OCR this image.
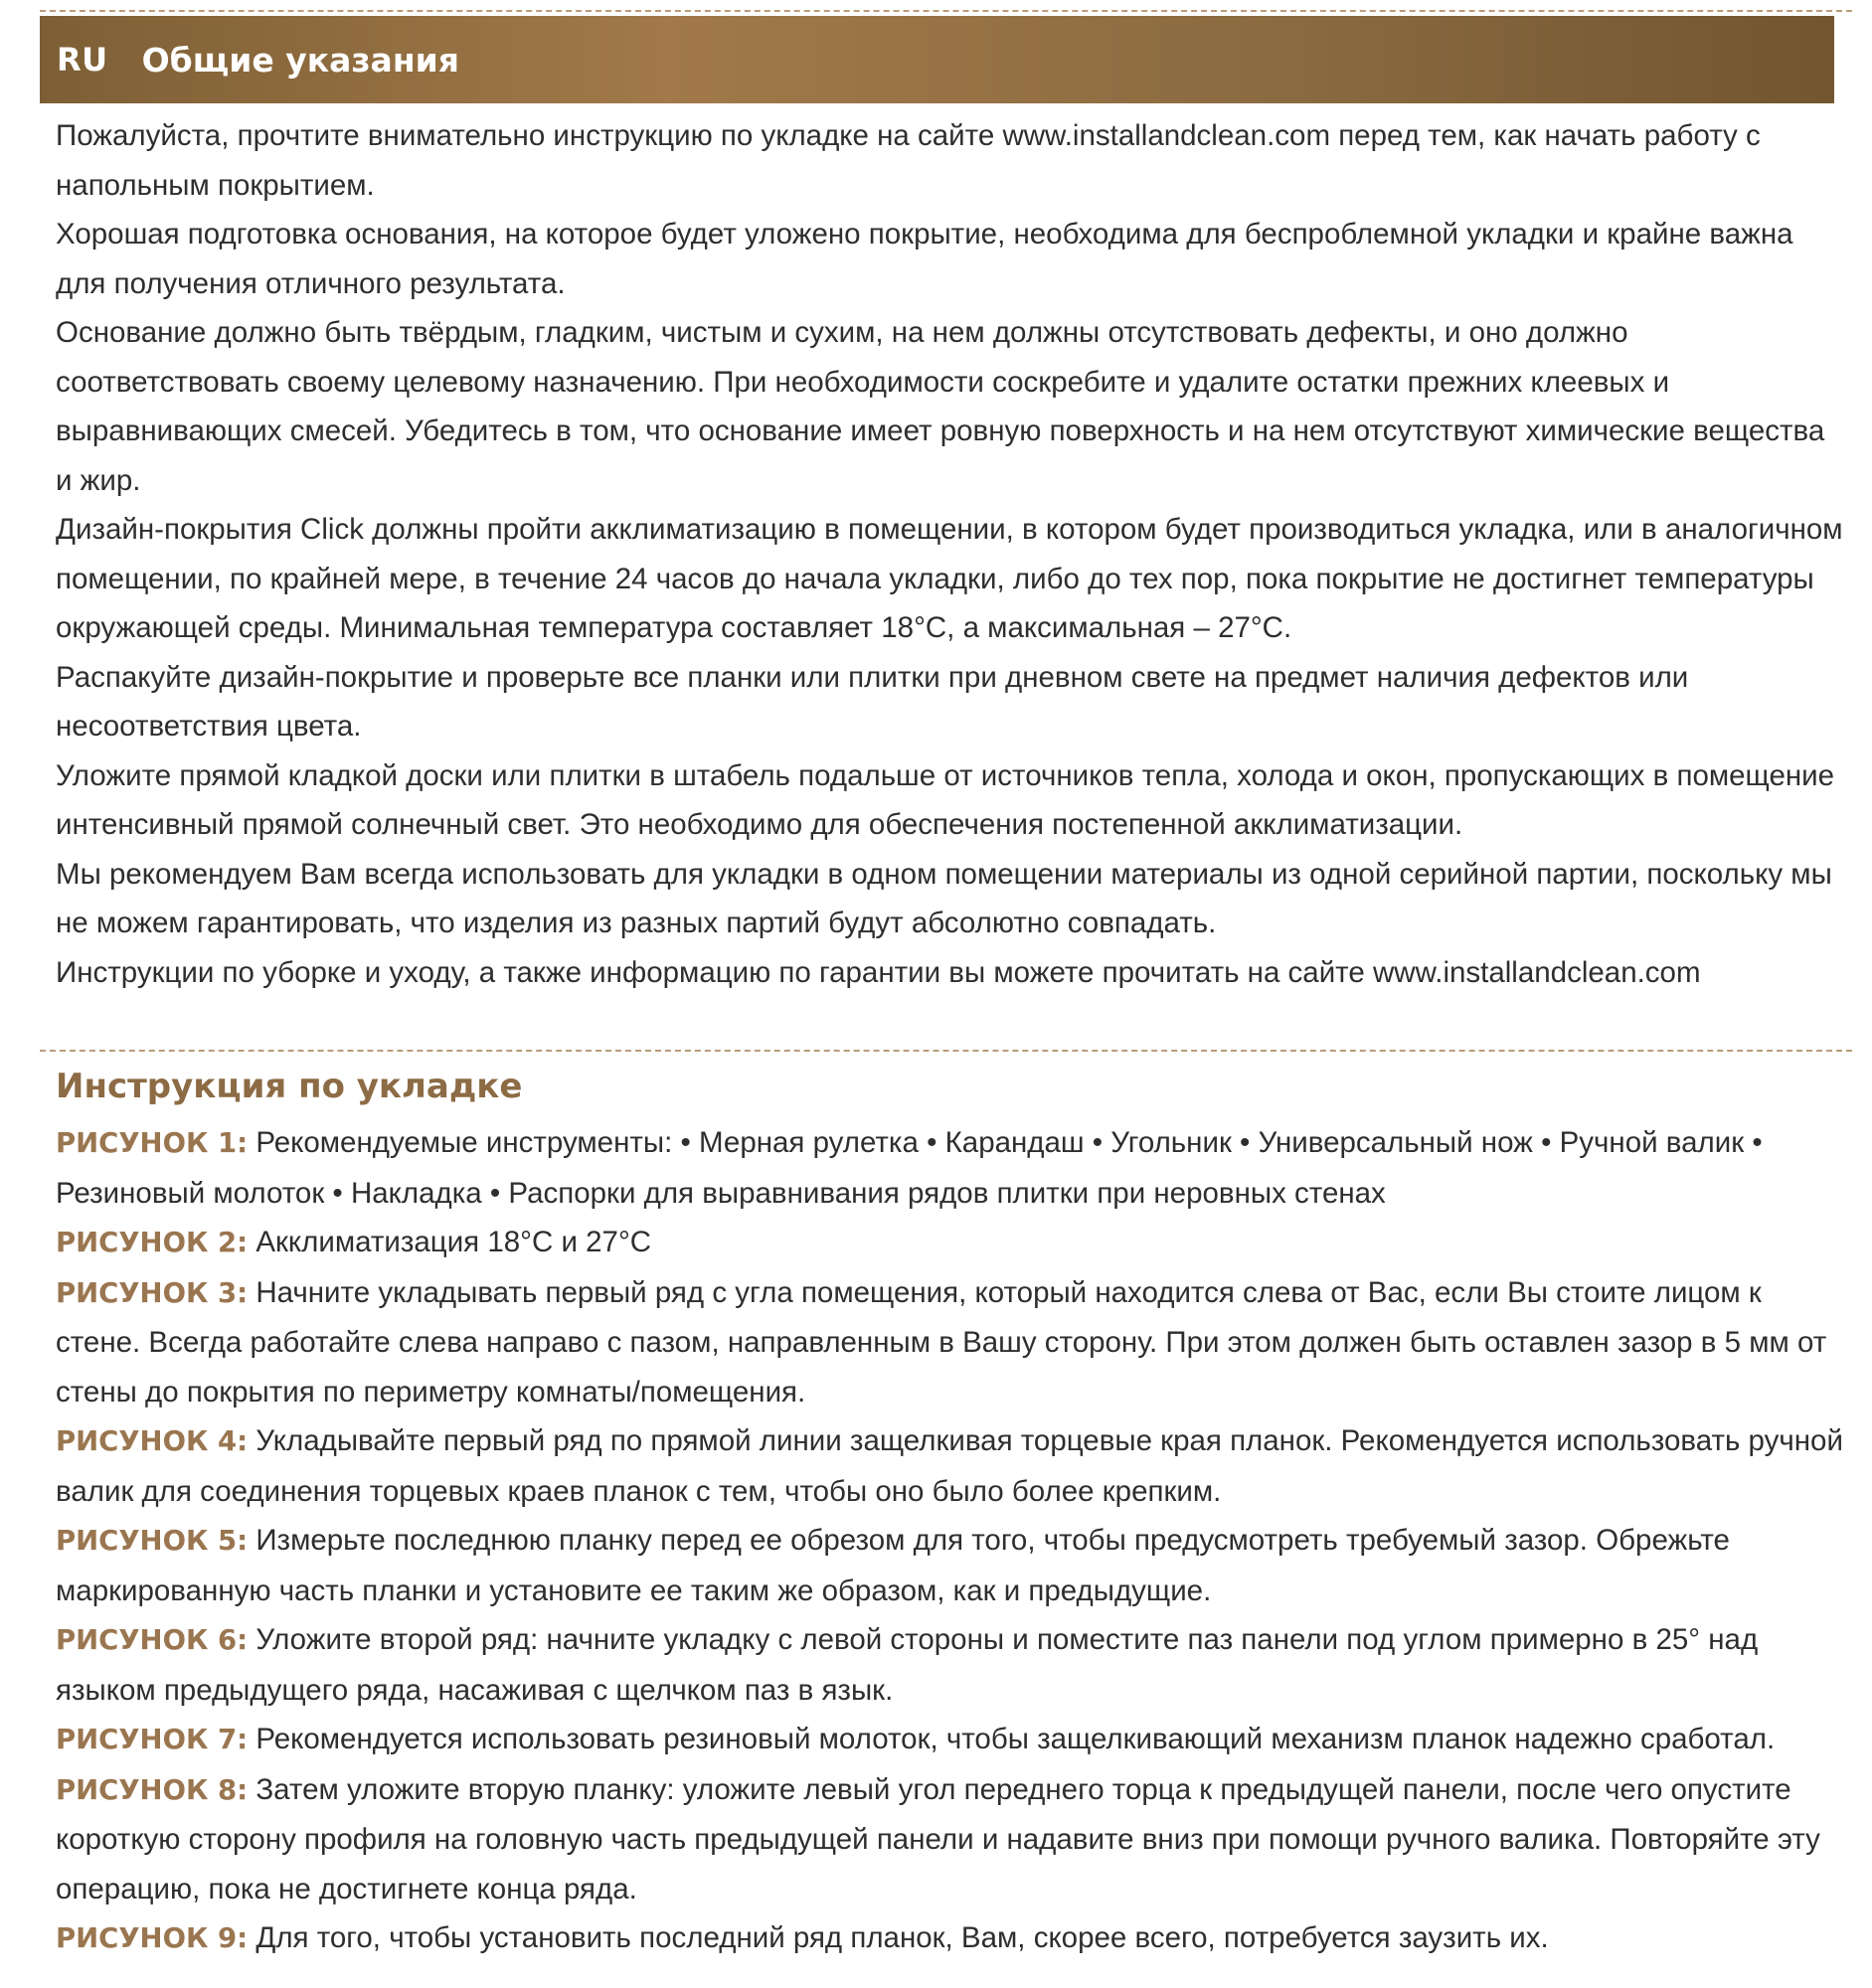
RU Общие указания

Пожалуйста, прочтите внимательно инструкцию по укладке на сайте www.installandclean.com перед тем, как начать работу с напольным покрытием.

Хорошая подготовка основания, на которое будет уложено покрытие, необходима для беспроблемной укладки и крайне важна для получения отличного результата.

Основание должно быть твёрдым, гладким, чистым и сухим, на нем должны отсутствовать дефекты, и оно должно соответствовать своему целевому назначению. При необходимости соскребите и удалите остатки прежних клеевых и выравнивающих смесей. Убедитесь в том, что основание имеет ровную поверхность и на нем отсутствуют химические вещества и жир.

Дизайн-покрытия Click должны пройти акклиматизацию в помещении, в котором будет производиться укладка, или в аналогичном помещении, по крайней мере, в течение 24 часов до начала укладки, либо до тех пор, пока покрытие не достигнет температуры окружающей среды. Минимальная температура составляет 18°C, а максимальная – 27°C.

Распакуйте дизайн-покрытие и проверьте все планки или плитки при дневном свете на предмет наличия дефектов или несоответствия цвета.

Уложите прямой кладкой доски или плитки в штабель подальше от источников тепла, холода и окон, пропускающих в помещение интенсивный прямой солнечный свет. Это необходимо для обеспечения постепенной акклиматизации.

Мы рекомендуем Вам всегда использовать для укладки в одном помещении материалы из одной серийной партии, поскольку мы не можем гарантировать, что изделия из разных партий будут абсолютно совпадать.

Инструкции по уборке и уходу, а также информацию по гарантии вы можете прочитать на сайте www.installandclean.com

Инструкция по укладке

РИСУНОК 1: Рекомендуемые инструменты: • Мерная рулетка • Карандаш • Угольник • Универсальный нож • Ручной валик • Резиновый молоток • Накладка • Распорки для выравнивания рядов плитки при неровных стенах

РИСУНОК 2: Акклиматизация 18°C и 27°C

РИСУНОК 3: Начните укладывать первый ряд с угла помещения, который находится слева от Вас, если Вы стоите лицом к стене. Всегда работайте слева направо с пазом, направленным в Вашу сторону. При этом должен быть оставлен зазор в 5 мм от стены до покрытия по периметру комнаты/помещения.

РИСУНОК 4: Укладывайте первый ряд по прямой линии защелкивая торцевые края планок. Рекомендуется использовать ручной валик для соединения торцевых краев планок с тем, чтобы оно было более крепким.

РИСУНОК 5: Измерьте последнюю планку перед ее обрезом для того, чтобы предусмотреть требуемый зазор. Обрежьте маркированную часть планки и установите ее таким же образом, как и предыдущие.

РИСУНОК 6: Уложите второй ряд: начните укладку с левой стороны и поместите паз панели под углом примерно в 25° над языком предыдущего ряда, насаживая с щелчком паз в язык.

РИСУНОК 7: Рекомендуется использовать резиновый молоток, чтобы защелкивающий механизм планок надежно сработал.

РИСУНОК 8: Затем уложите вторую планку: уложите левый угол переднего торца к предыдущей панели, после чего опустите короткую сторону профиля на головную часть предыдущей панели и надавите вниз при помощи ручного валика. Повторяйте эту операцию, пока не достигнете конца ряда.

РИСУНОК 9: Для того, чтобы установить последний ряд планок, Вам, скорее всего, потребуется заузить их.
